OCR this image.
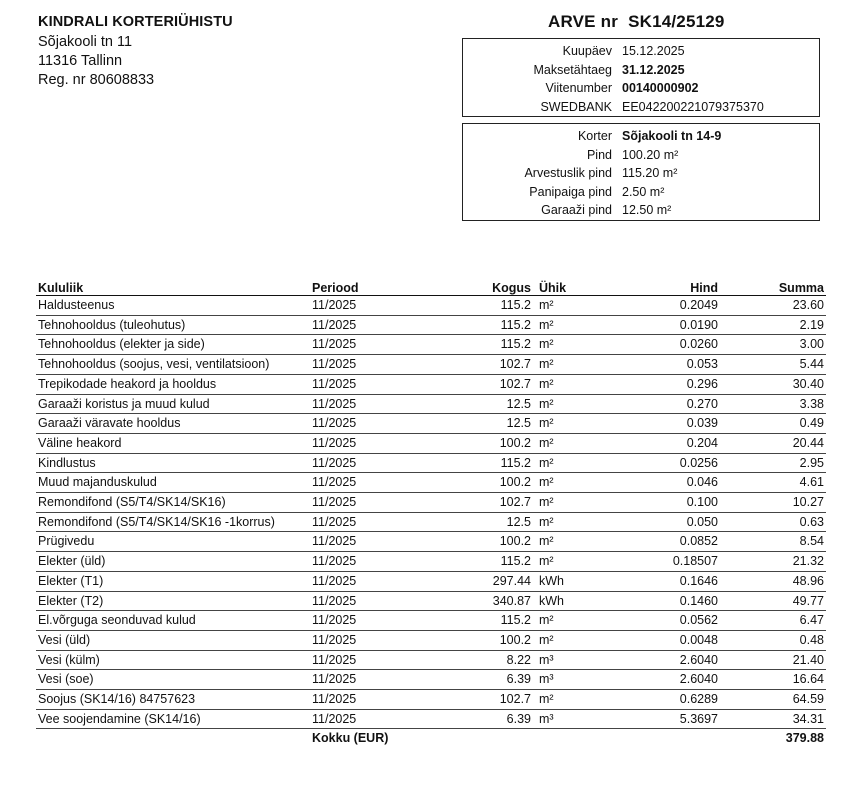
KINDRALI KORTERIÜHISTU
Sõjakooli tn 11
11316 Tallinn
Reg. nr 80608833
ARVE nr SK14/25129
Kuupäev 15.12.2025
Maksetähtaeg 31.12.2025
Viitenumber 00140000902
SWEDBANK EE042200221079375370
Korter Sõjakooli tn 14-9
Pind 100.20 m²
Arvestuslik pind 115.20 m²
Panipaiga pind 2.50 m²
Garaaži pind 12.50 m²
Kululiik	Periood	Kogus	Ühik	Hind	Summa
Haldusteenus	11/2025	115.2	m²	0.2049	23.60
Tehnohooldus (tuleohutus)	11/2025	115.2	m²	0.0190	2.19
Tehnohooldus (elekter ja side)	11/2025	115.2	m²	0.0260	3.00
Tehnohooldus (soojus, vesi, ventilatsioon)	11/2025	102.7	m²	0.053	5.44
Trepikodade heakord ja hooldus	11/2025	102.7	m²	0.296	30.40
Garaaži koristus ja muud kulud	11/2025	12.5	m²	0.270	3.38
Garaaži väravate hooldus	11/2025	12.5	m²	0.039	0.49
Väline heakord	11/2025	100.2	m²	0.204	20.44
Kindlustus	11/2025	115.2	m²	0.0256	2.95
Muud majanduskulud	11/2025	100.2	m²	0.046	4.61
Remondifond (S5/T4/SK14/SK16)	11/2025	102.7	m²	0.100	10.27
Remondifond (S5/T4/SK14/SK16 -1korrus)	11/2025	12.5	m²	0.050	0.63
Prügivedu	11/2025	100.2	m²	0.0852	8.54
Elekter (üld)	11/2025	115.2	m²	0.18507	21.32
Elekter (T1)	11/2025	297.44	kWh	0.1646	48.96
Elekter (T2)	11/2025	340.87	kWh	0.1460	49.77
El.võrguga seonduvad kulud	11/2025	115.2	m²	0.0562	6.47
Vesi (üld)	11/2025	100.2	m²	0.0048	0.48
Vesi (külm)	11/2025	8.22	m³	2.6040	21.40
Vesi (soe)	11/2025	6.39	m³	2.6040	16.64
Soojus (SK14/16) 84757623	11/2025	102.7	m²	0.6289	64.59
Vee soojendamine (SK14/16)	11/2025	6.39	m³	5.3697	34.31
	Kokku (EUR)				379.88
